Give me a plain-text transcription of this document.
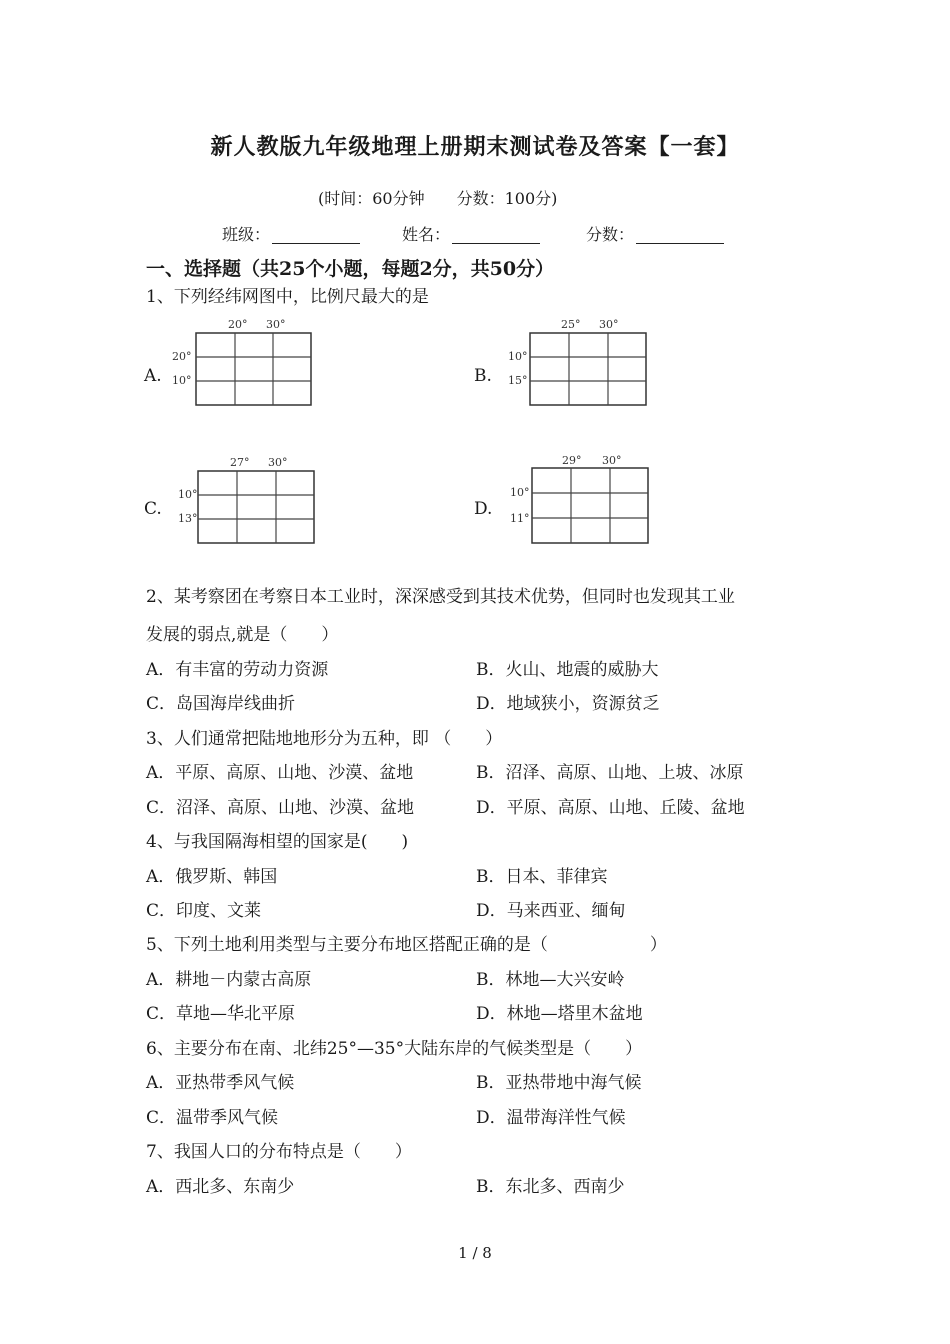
新人教版九年级地理上册期末测试卷及答案【一套】
(时间：60分钟　　分数：100分)
班级：	姓名：	分数：
一、选择题（共25个小题，每题2分，共50分）
1、下列经纬网图中，比例尺最大的是
A.
20° 30°
20°
10°	B.
25° 30°
10°
15°
C.
27° 30°
10°
13°	D.
29° 30°
10°
11°
2、某考察团在考察日本工业时，深深感受到其技术优势，但同时也发现其工业
发展的弱点,就是（　　）
A．有丰富的劳动力资源	B．火山、地震的威胁大
C．岛国海岸线曲折	D．地域狭小，资源贫乏
3、人们通常把陆地地形分为五种，即 （　　）
A．平原、高原、山地、沙漠、盆地	B．沼泽、高原、山地、上坡、冰原
C．沼泽、高原、山地、沙漠、盆地	D．平原、高原、山地、丘陵、盆地
4、与我国隔海相望的国家是(　　)
A．俄罗斯、韩国	B．日本、菲律宾
C．印度、文莱	D．马来西亚、缅甸
5、下列土地利用类型与主要分布地区搭配正确的是（　　　　　　）
A．耕地－内蒙古高原	B．林地—大兴安岭
C．草地—华北平原	D．林地—塔里木盆地
6、主要分布在南、北纬25°—35°大陆东岸的气候类型是（　　）
A．亚热带季风气候	B．亚热带地中海气候
C．温带季风气候	D．温带海洋性气候
7、我国人口的分布特点是（　　）
A．西北多、东南少	B．东北多、西南少
1 / 8
